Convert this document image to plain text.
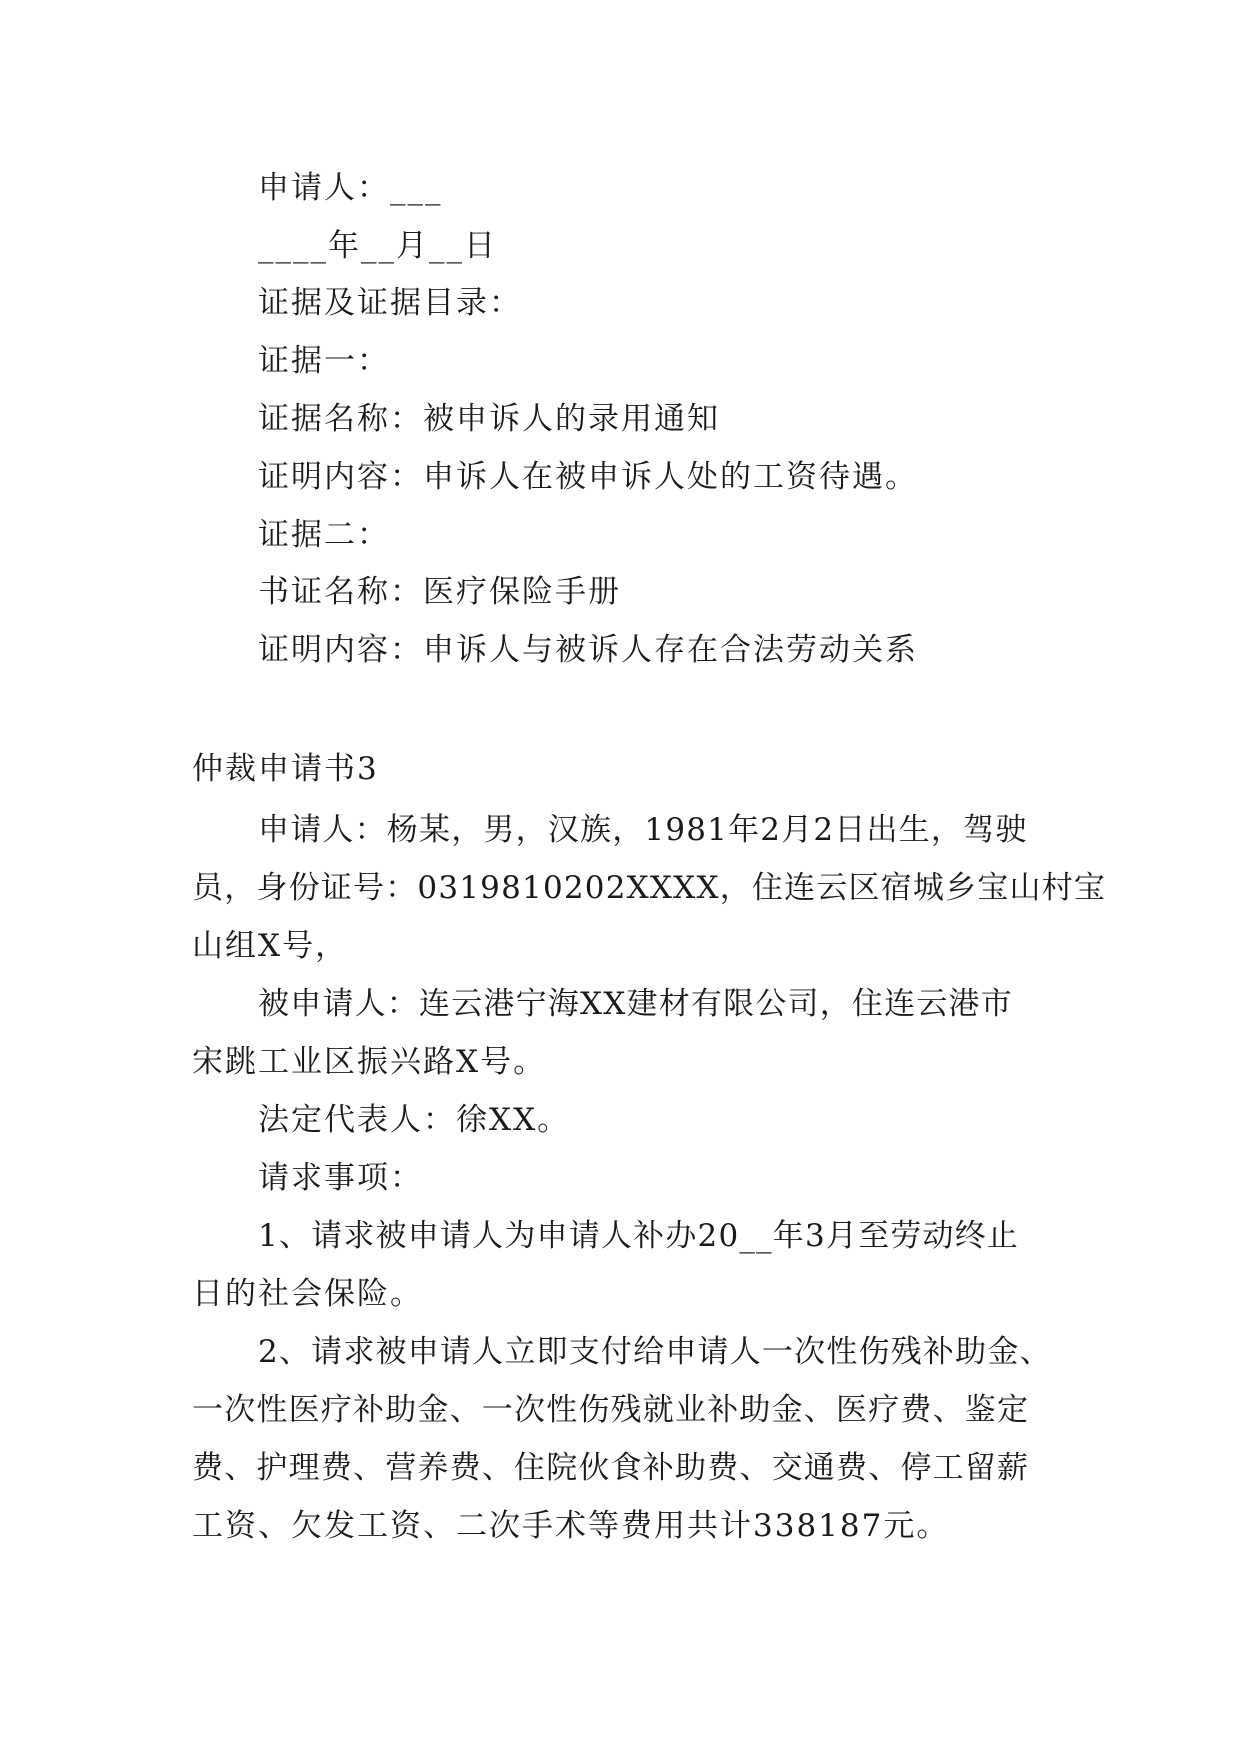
申请人：___
____年__月__日
证据及证据目录：
证据一：
证据名称：被申诉人的录用通知
证明内容：申诉人在被申诉人处的工资待遇。
证据二：
书证名称：医疗保险手册
证明内容：申诉人与被诉人存在合法劳动关系
仲裁申请书3
申请人：杨某，男，汉族，1981年2月2日出生，驾驶
员，身份证号：0319810202XXXX，住连云区宿城乡宝山村宝
山组X号，
被申请人：连云港宁海XX建材有限公司，住连云港市
宋跳工业区振兴路X号。
法定代表人：徐XX。
请求事项：
1、请求被申请人为申请人补办20__年3月至劳动终止
日的社会保险。
2、请求被申请人立即支付给申请人一次性伤残补助金、
一次性医疗补助金、一次性伤残就业补助金、医疗费、鉴定
费、护理费、营养费、住院伙食补助费、交通费、停工留薪
工资、欠发工资、二次手术等费用共计338187元。
